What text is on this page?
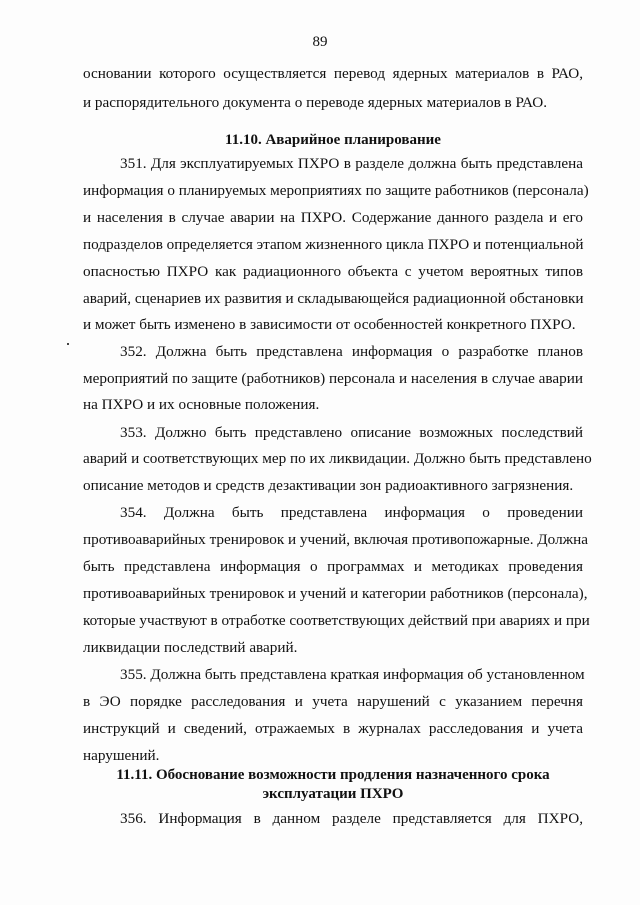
89
основании которого осуществляется перевод ядерных материалов в РАО,
и распорядительного документа о переводе ядерных материалов в РАО.
11.10. Аварийное планирование
351. Для эксплуатируемых ПХРО в разделе должна быть представлена
информация о планируемых мероприятиях по защите работников (персонала)
и населения в случае аварии на ПХРО. Содержание данного раздела и его
подразделов определяется этапом жизненного цикла ПХРО и потенциальной
опасностью ПХРО как радиационного объекта с учетом вероятных типов
аварий, сценариев их развития и складывающейся радиационной обстановки
и может быть изменено в зависимости от особенностей конкретного ПХРО.
352. Должна быть представлена информация о разработке планов
мероприятий по защите (работников) персонала и населения в случае аварии
на ПХРО и их основные положения.
353. Должно быть представлено описание возможных последствий
аварий и соответствующих мер по их ликвидации. Должно быть представлено
описание методов и средств дезактивации зон радиоактивного загрязнения.
354. Должна быть представлена информация о проведении
противоаварийных тренировок и учений, включая противопожарные. Должна
быть представлена информация о программах и методиках проведения
противоаварийных тренировок и учений и категории работников (персонала),
которые участвуют в отработке соответствующих действий при авариях и при
ликвидации последствий аварий.
355. Должна быть представлена краткая информация об установленном
в ЭО порядке расследования и учета нарушений с указанием перечня
инструкций и сведений, отражаемых в журналах расследования и учета
нарушений.
11.11. Обоснование возможности продления назначенного срока
эксплуатации ПХРО
356. Информация в данном разделе представляется для ПХРО,
